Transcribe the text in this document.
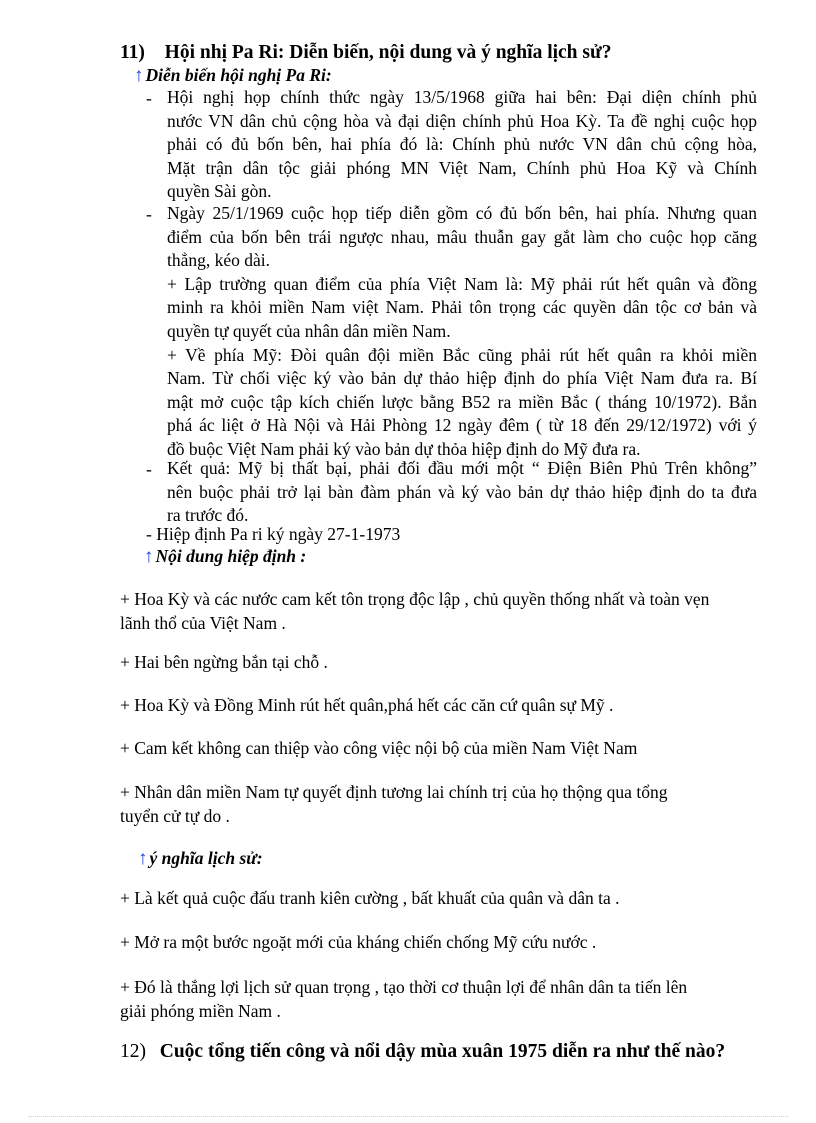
11) Hội nhị Pa Ri: Diễn biến, nội dung và ý nghĩa lịch sử?
↑ Diễn biến hội nghị Pa Ri:
- Hội nghị họp chính thức ngày 13/5/1968 giữa hai bên: Đại diện chính phủ
nước VN dân chủ cộng hòa và đại diện chính phủ Hoa Kỳ. Ta đề nghị cuộc họp
phải có đủ bốn bên, hai phía đó là: Chính phủ nước VN dân chủ cộng hòa,
Mặt trận dân tộc giải phóng MN Việt Nam, Chính phủ Hoa Kỹ và Chính
quyền Sài gòn.
- Ngày 25/1/1969 cuộc họp tiếp diễn gồm có đủ bốn bên, hai phía. Nhưng quan
điểm của bốn bên trái ngược nhau, mâu thuẫn gay gắt làm cho cuộc họp căng
thẳng, kéo dài.
+ Lập trường quan điểm của phía Việt Nam là: Mỹ phải rút hết quân và đồng
minh ra khỏi miền Nam việt Nam. Phải tôn trọng các quyền dân tộc cơ bản và
quyền tự quyết của nhân dân miền Nam.
+ Về phía Mỹ: Đòi quân đội miền Bắc cũng phải rút hết quân ra khỏi miền
Nam. Từ chối việc ký vào bản dự thảo hiệp định do phía Việt Nam đưa ra. Bí
mật mở cuộc tập kích chiến lược bằng B52 ra miền Bắc ( tháng 10/1972). Bắn
phá ác liệt ở Hà Nội và Hải Phòng 12 ngày đêm ( từ 18 đến 29/12/1972) với ý
đồ buộc Việt Nam phải ký vào bản dự thỏa hiệp định do Mỹ đưa ra.
- Kết quả: Mỹ bị thất bại, phải đối đầu mới một “ Điện Biên Phủ Trên không”
nên buộc phải trở lại bàn đàm phán và ký vào bản dự thảo hiệp định do ta đưa
ra trước đó.
- Hiệp định Pa ri ký ngày 27-1-1973
↑ Nội dung hiệp định :
+ Hoa Kỳ và các nước cam kết tôn trọng độc lập , chủ quyền thống nhất và toàn vẹn
lãnh thổ của Việt Nam .
+ Hai bên ngừng bắn tại chỗ .
+ Hoa Kỳ và Đồng Minh rút hết quân,phá hết các căn cứ quân sự Mỹ .
+ Cam kết không can thiệp vào công việc nội bộ của miền Nam Việt Nam
+ Nhân dân miền Nam tự quyết định tương lai chính trị của họ thộng qua tổng
tuyển cử tự do .
↑ ý nghĩa lịch sử:
+ Là kết quả cuộc đấu tranh kiên cường , bất khuất của quân và dân ta .
+ Mở ra một bước ngoặt mới của kháng chiến chống Mỹ cứu nước .
+ Đó là thắng lợi lịch sử quan trọng , tạo thời cơ thuận lợi để nhân dân ta tiến lên
giải phóng miền Nam .
12) Cuộc tổng tiến công và nổi dậy mùa xuân 1975 diễn ra như thế nào?
